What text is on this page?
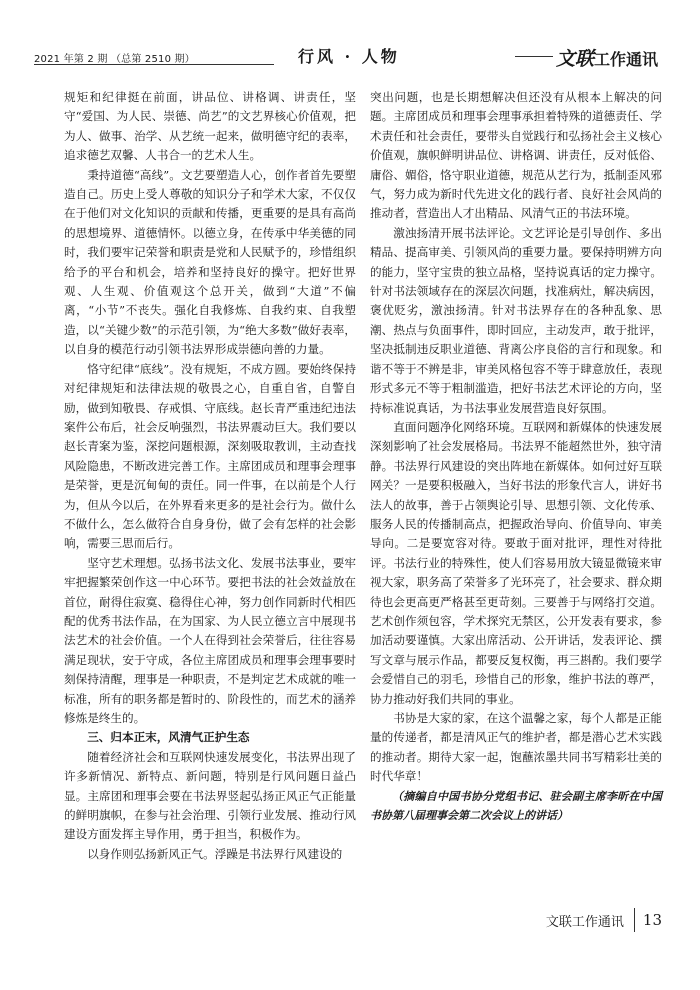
2021 年第 2 期 （总第 2510 期）	行风 · 人物	文联工作通讯

规矩和纪律挺在前面，讲品位、讲格调、讲责任，坚守“爱国、为人民、崇德、尚艺”的文艺界核心价值观，把为人、做事、治学、从艺统一起来，做明德守纪的表率，追求德艺双馨、人书合一的艺术人生。

秉持道德“高线”。文艺要塑造人心，创作者首先要塑造自己。历史上受人尊敬的知识分子和学术大家，不仅仅在于他们对文化知识的贡献和传播，更重要的是具有高尚的思想境界、道德情怀。以德立身，在传承中华美德的同时，我们要牢记荣誉和职责是党和人民赋予的，珍惜组织给予的平台和机会，培养和坚持良好的操守。把好世界观、人生观、价值观这个总开关，做到“大道”不偏离，“小节”不丧失。强化自我修炼、自我约束、自我塑造，以“关键少数”的示范引领，为“绝大多数”做好表率，以自身的模范行动引领书法界形成崇德向善的力量。

恪守纪律“底线”。没有规矩，不成方圆。要始终保持对纪律规矩和法律法规的敬畏之心，自重自省，自警自励，做到知敬畏、存戒惧、守底线。赵长青严重违纪违法案件公布后，社会反响强烈，书法界震动巨大。我们要以赵长青案为鉴，深挖问题根源，深刻吸取教训，主动查找风险隐患，不断改进完善工作。主席团成员和理事会理事是荣誉，更是沉甸甸的责任。同一件事，在以前是个人行为，但从今以后，在外界看来更多的是社会行为。做什么不做什么，怎么做符合自身身份，做了会有怎样的社会影响，需要三思而后行。

坚守艺术理想。弘扬书法文化、发展书法事业，要牢牢把握繁荣创作这一中心环节。要把书法的社会效益放在首位，耐得住寂寞、稳得住心神，努力创作同新时代相匹配的优秀书法作品，在为国家、为人民立德立言中展现书法艺术的社会价值。一个人在得到社会荣誉后，往往容易满足现状，安于守成，各位主席团成员和理事会理事要时刻保持清醒，理事是一种职责，不是判定艺术成就的唯一标准，所有的职务都是暂时的、阶段性的，而艺术的涵养修炼是终生的。

三、归本正末，风清气正护生态

随着经济社会和互联网快速发展变化，书法界出现了许多新情况、新特点、新问题，特别是行风问题日益凸显。主席团和理事会要在书法界竖起弘扬正风正气正能量的鲜明旗帜，在参与社会治理、引领行业发展、推动行风建设方面发挥主导作用，勇于担当，积极作为。

以身作则弘扬新风正气。浮躁是书法界行风建设的

突出问题，也是长期想解决但还没有从根本上解决的问题。主席团成员和理事会理事承担着特殊的道德责任、学术责任和社会责任，要带头自觉践行和弘扬社会主义核心价值观，旗帜鲜明讲品位、讲格调、讲责任，反对低俗、庸俗、媚俗，恪守职业道德，规范从艺行为，抵制歪风邪气，努力成为新时代先进文化的践行者、良好社会风尚的推动者，营造出人才出精品、风清气正的书法环境。

激浊扬清开展书法评论。文艺评论是引导创作、多出精品、提高审美、引领风尚的重要力量。要保持明辨方向的能力，坚守宝贵的独立品格，坚持说真话的定力操守。针对书法领域存在的深层次问题，找准病灶，解决病因，褒优贬劣，激浊扬清。针对书法界存在的各种乱象、思潮、热点与负面事件，即时回应，主动发声，敢于批评，坚决抵制违反职业道德、背离公序良俗的言行和现象。和谐不等于不辨是非，审美风格包容不等于肆意放任，表现形式多元不等于粗制滥造，把好书法艺术评论的方向，坚持标准说真话，为书法事业发展营造良好氛围。

直面问题净化网络环境。互联网和新媒体的快速发展深刻影响了社会发展格局。书法界不能超然世外，独守清静。书法界行风建设的突出阵地在新媒体。如何过好互联网关？一是要积极融入，当好书法的形象代言人，讲好书法人的故事，善于占领舆论引导、思想引领、文化传承、服务人民的传播制高点，把握政治导向、价值导向、审美导向。二是要宽容对待。要敢于面对批评，理性对待批评。书法行业的特殊性，使人们容易用放大镜显微镜来审视大家，职务高了荣誉多了光环亮了，社会要求、群众期待也会更高更严格甚至更苛刻。三要善于与网络打交道。艺术创作须包容，学术探究无禁区，公开发表有要求，参加活动要谨慎。大家出席活动、公开讲话，发表评论、撰写文章与展示作品，都要反复权衡，再三斟酌。我们要学会爱惜自己的羽毛，珍惜自己的形象，维护书法的尊严，协力推动好我们共同的事业。

书协是大家的家，在这个温馨之家，每个人都是正能量的传递者，都是清风正气的维护者，都是潜心艺术实践的推动者。期待大家一起，饱蘸浓墨共同书写精彩壮美的时代华章！

（摘编自中国书协分党组书记、驻会副主席李昕在中国书协第八届理事会第二次会议上的讲话）

文联工作通讯 13
